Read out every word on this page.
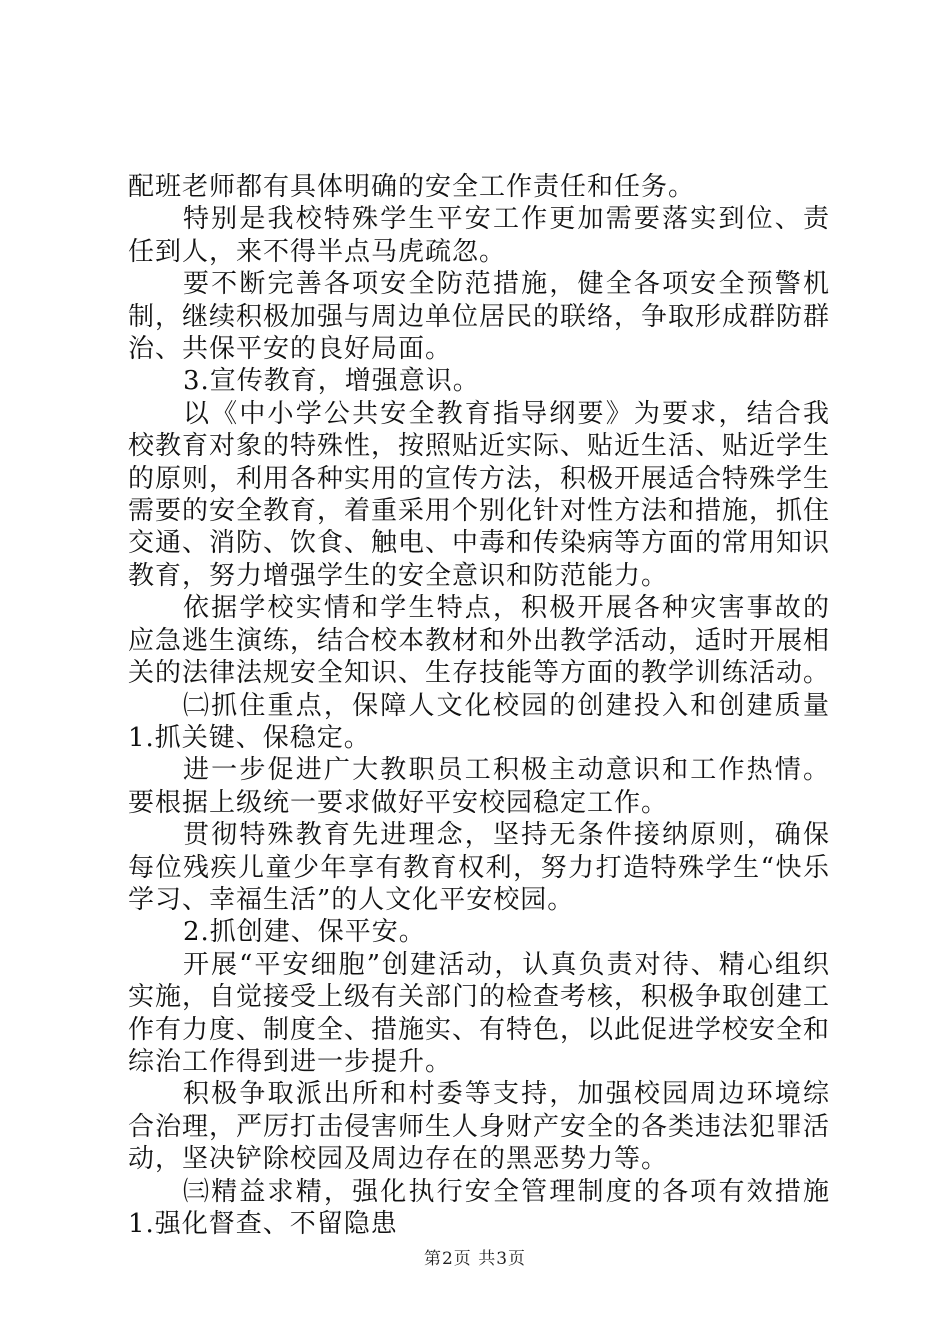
配班老师都有具体明确的安全工作责任和任务。

特别是我校特殊学生平安工作更加需要落实到位、责任到人，来不得半点马虎疏忽。

要不断完善各项安全防范措施，健全各项安全预警机制，继续积极加强与周边单位居民的联络，争取形成群防群治、共保平安的良好局面。

3.宣传教育，增强意识。

以《中小学公共安全教育指导纲要》为要求，结合我校教育对象的特殊性，按照贴近实际、贴近生活、贴近学生的原则，利用各种实用的宣传方法，积极开展适合特殊学生需要的安全教育，着重采用个别化针对性方法和措施，抓住交通、消防、饮食、触电、中毒和传染病等方面的常用知识教育，努力增强学生的安全意识和防范能力。

依据学校实情和学生特点，积极开展各种灾害事故的应急逃生演练，结合校本教材和外出教学活动，适时开展相关的法律法规安全知识、生存技能等方面的教学训练活动。

㈡抓住重点，保障人文化校园的创建投入和创建质量 1.抓关键、保稳定。

进一步促进广大教职员工积极主动意识和工作热情。要根据上级统一要求做好平安校园稳定工作。

贯彻特殊教育先进理念，坚持无条件接纳原则，确保每位残疾儿童少年享有教育权利，努力打造特殊学生“快乐学习、幸福生活”的人文化平安校园。

2.抓创建、保平安。

开展“平安细胞”创建活动，认真负责对待、精心组织实施，自觉接受上级有关部门的检查考核，积极争取创建工作有力度、制度全、措施实、有特色，以此促进学校安全和综治工作得到进一步提升。

积极争取派出所和村委等支持，加强校园周边环境综合治理，严厉打击侵害师生人身财产安全的各类违法犯罪活动，坚决铲除校园及周边存在的黑恶势力等。

㈢精益求精，强化执行安全管理制度的各项有效措施 1.强化督查、不留隐患

第2页 共3页
